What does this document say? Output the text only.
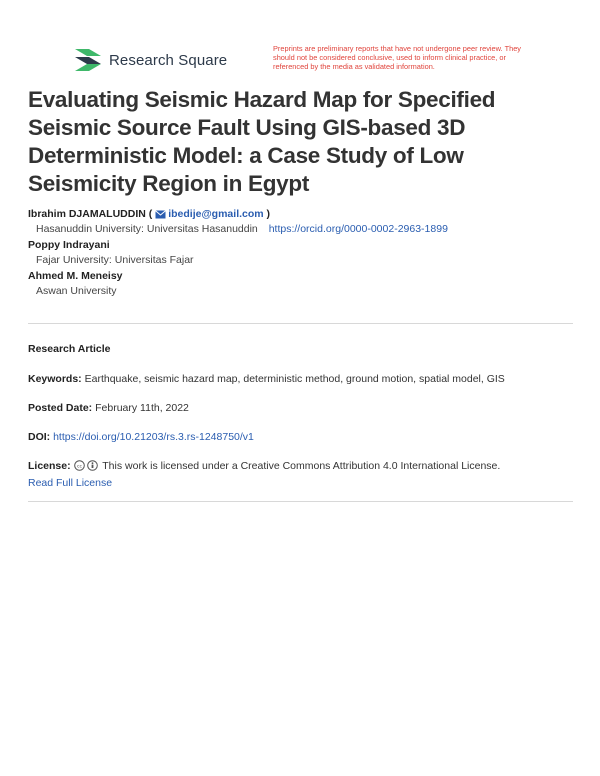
Research Square
Preprints are preliminary reports that have not undergone peer review. They should not be considered conclusive, used to inform clinical practice, or referenced by the media as validated information.
Evaluating Seismic Hazard Map for Specified Seismic Source Fault Using GIS-based 3D Deterministic Model: a Case Study of Low Seismicity Region in Egypt
Ibrahim DJAMALUDDIN ( ibedije@gmail.com )
Hasanuddin University: Universitas Hasanuddin https://orcid.org/0000-0002-2963-1899
Poppy Indrayani
Fajar University: Universitas Fajar
Ahmed M. Meneisy
Aswan University
Research Article
Keywords: Earthquake, seismic hazard map, deterministic method, ground motion, spatial model, GIS
Posted Date: February 11th, 2022
DOI: https://doi.org/10.21203/rs.3.rs-1248750/v1
License: cc This work is licensed under a Creative Commons Attribution 4.0 International License.
Read Full License
